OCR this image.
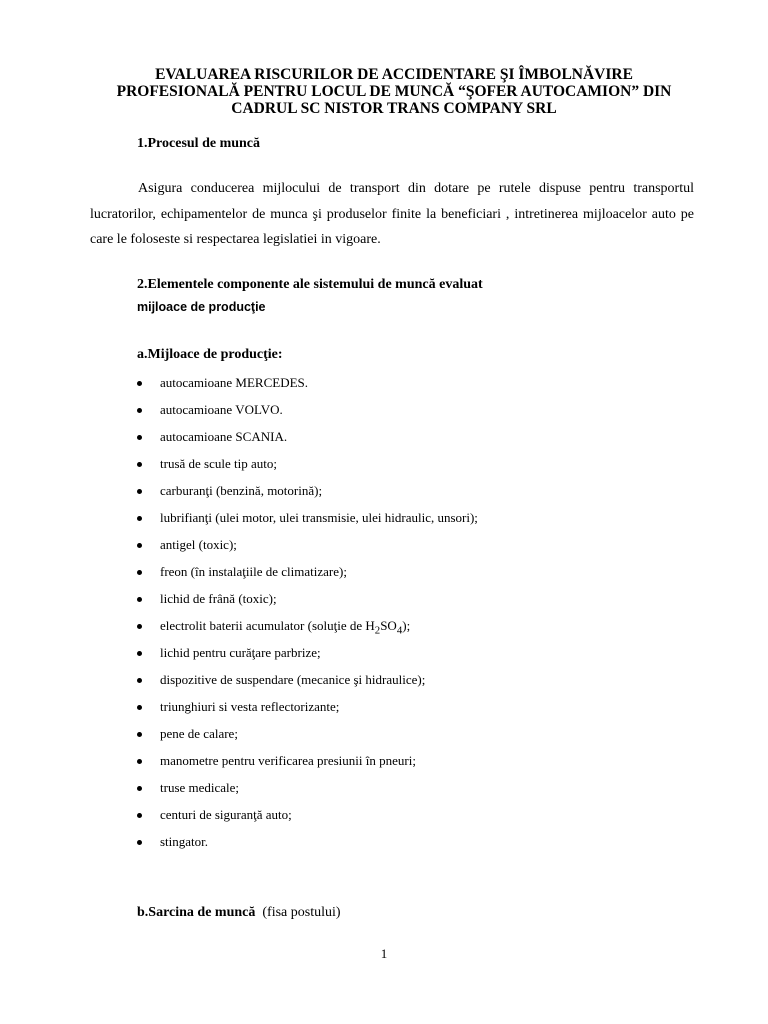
EVALUAREA RISCURILOR DE ACCIDENTARE ŞI ÎMBOLNĂVIRE
PROFESIONALĂ PENTRU LOCUL DE MUNCĂ “ŞOFER AUTOCAMION” DIN
CADRUL SC NISTOR TRANS COMPANY SRL
1.Procesul de muncă
Asigura conducerea mijlocului de transport din dotare pe rutele dispuse pentru transportul lucratorilor, echipamentelor de munca şi produselor finite la beneficiari , intretinerea mijloacelor auto pe care le foloseste si respectarea legislatiei in vigoare.
2.Elementele componente ale sistemului de muncă evaluat
mijloace de producţie
a.Mijloace de producţie:
autocamioane MERCEDES.
autocamioane VOLVO.
autocamioane SCANIA.
trusă de scule tip auto;
carburanţi (benzină, motorină);
lubrifianţi (ulei motor, ulei transmisie, ulei hidraulic, unsori);
antigel (toxic);
freon (în instalaţiile de climatizare);
lichid de frână (toxic);
electrolit baterii acumulator (soluţie de $H_2SO_4$);
lichid pentru curăţare parbrize;
dispozitive de suspendare (mecanice şi hidraulice);
triunghiuri si vesta reflectorizante;
pene de calare;
manometre pentru verificarea presiunii în pneuri;
truse medicale;
centuri de siguranţă auto;
stingator.
b.Sarcina de muncă (fisa postului)
1
